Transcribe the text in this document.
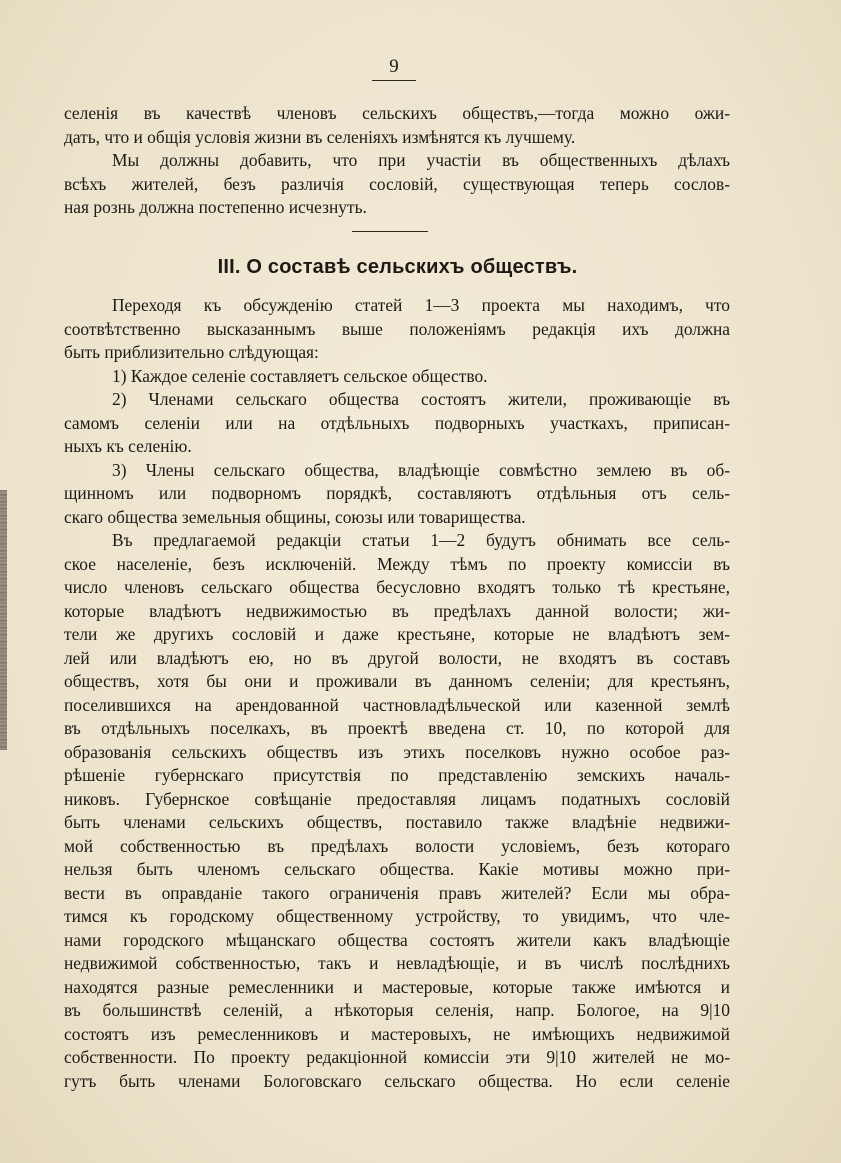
9
селенія въ качествѣ членовъ сельскихъ обществъ,—тогда можно ожи-
дать, что и общія условія жизни въ селеніяхъ измѣнятся къ лучшему.
Мы должны добавить, что при участіи въ общественныхъ дѣлахъ
всѣхъ жителей, безъ различія сословій, существующая теперь сослов-
ная рознь должна постепенно исчезнуть.
III. О составѣ сельскихъ обществъ.
Переходя къ обсужденію статей 1—3 проекта мы находимъ, что
соотвѣтственно высказаннымъ выше положеніямъ редакція ихъ должна
быть приблизительно слѣдующая:
1) Каждое селеніе составляетъ сельское общество.
2) Членами сельскаго общества состоятъ жители, проживающіе въ
самомъ селеніи или на отдѣльныхъ подворныхъ участкахъ, приписан-
ныхъ къ селенію.
3) Члены сельскаго общества, владѣющіе совмѣстно землею въ об-
щинномъ или подворномъ порядкѣ, составляютъ отдѣльныя отъ сель-
скаго общества земельныя общины, союзы или товарищества.
Въ предлагаемой редакціи статьи 1—2 будутъ обнимать все сель-
ское населеніе, безъ исключеній. Между тѣмъ по проекту комиссіи въ
число членовъ сельскаго общества бесусловно входятъ только тѣ крестьяне,
которые владѣютъ недвижимостью въ предѣлахъ данной волости; жи-
тели же другихъ сословій и даже крестьяне, которые не владѣютъ зем-
лей или владѣютъ ею, но въ другой волости, не входятъ въ составъ
обществъ, хотя бы они и проживали въ данномъ селеніи; для крестьянъ,
поселившихся на арендованной частновладѣльческой или казенной землѣ
въ отдѣльныхъ поселкахъ, въ проектѣ введена ст. 10, по которой для
образованія сельскихъ обществъ изъ этихъ поселковъ нужно особое раз-
рѣшеніе губернскаго присутствія по представленію земскихъ началь-
никовъ. Губернское совѣщаніе предоставляя лицамъ податныхъ сословій
быть членами сельскихъ обществъ, поставило также владѣніе недвижи-
мой собственностью въ предѣлахъ волости условіемъ, безъ котораго
нельзя быть членомъ сельскаго общества. Какіе мотивы можно при-
вести въ оправданіе такого ограниченія правъ жителей? Если мы обра-
тимся къ городскому общественному устройству, то увидимъ, что чле-
нами городского мѣщанскаго общества состоятъ жители какъ владѣющіе
недвижимой собственностью, такъ и невладѣющіе, и въ числѣ послѣднихъ
находятся разные ремесленники и мастеровые, которые также имѣются и
въ большинствѣ селеній, а нѣкоторыя селенія, напр. Бологое, на 9|10
состоятъ изъ ремесленниковъ и мастеровыхъ, не имѣющихъ недвижимой
собственности. По проекту редакціонной комиссіи эти 9|10 жителей не мо-
гутъ быть членами Бологовскаго сельскаго общества. Но если селеніе
